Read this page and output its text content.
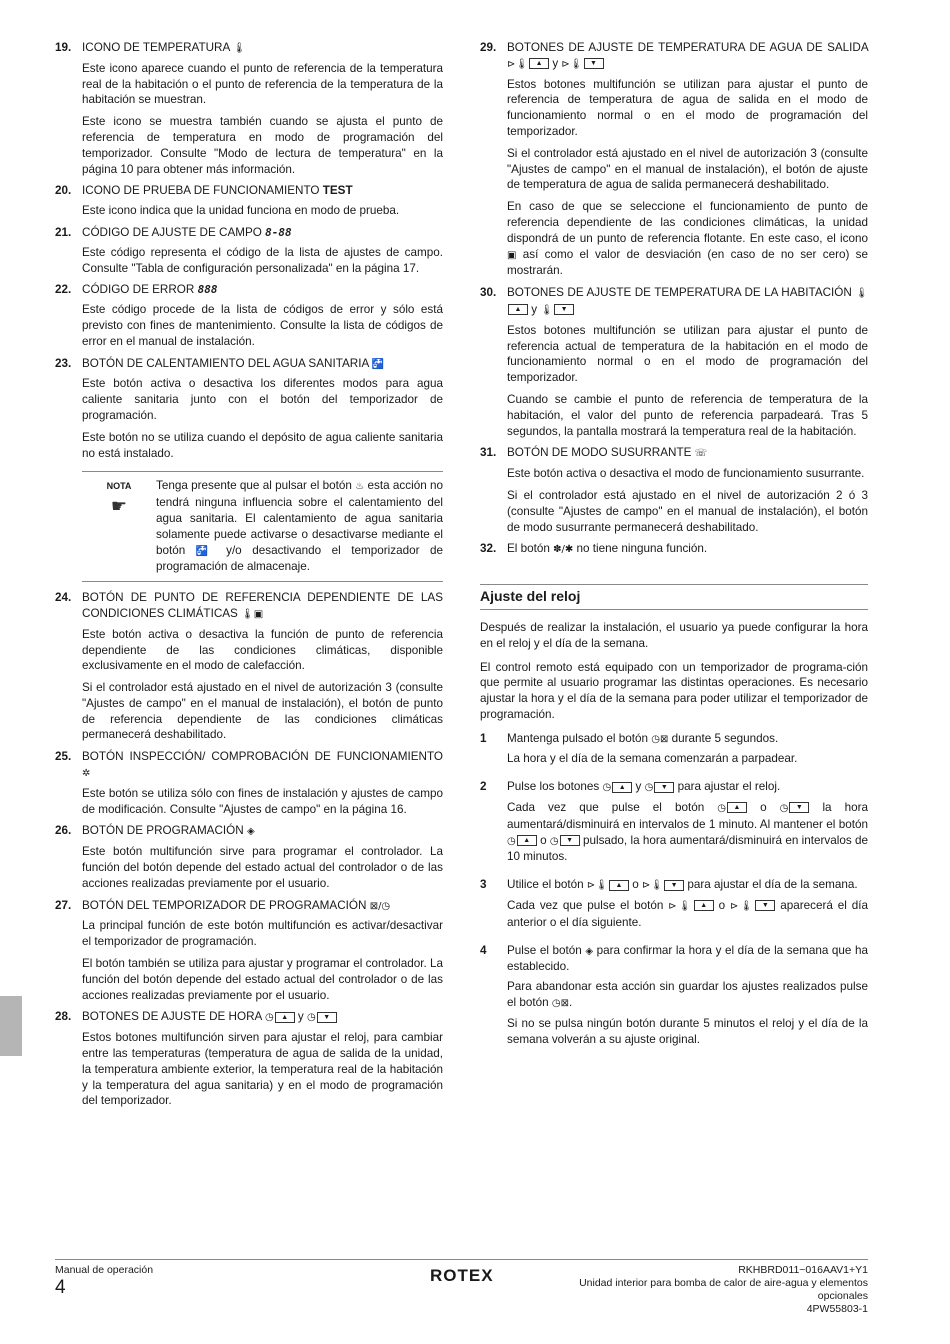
19. ICONO DE TEMPERATURA 🌡

Este icono aparece cuando el punto de referencia de la temperatura real de la habitación o el punto de referencia de la temperatura de la habitación se muestran.

Este icono se muestra también cuando se ajusta el punto de referencia de temperatura en modo de programación del temporizador. Consulte "Modo de lectura de temperatura" en la página 10 para obtener más información.

20. ICONO DE PRUEBA DE FUNCIONAMIENTO TEST

Este icono indica que la unidad funciona en modo de prueba.

21. CÓDIGO DE AJUSTE DE CAMPO 8-88

Este código representa el código de la lista de ajustes de campo. Consulte "Tabla de configuración personalizada" en la página 17.

22. CÓDIGO DE ERROR 888

Este código procede de la lista de códigos de error y sólo está previsto con fines de mantenimiento. Consulte la lista de códigos de error en el manual de instalación.

23. BOTÓN DE CALENTAMIENTO DEL AGUA SANITARIA 🚰

Este botón activa o desactiva los diferentes modos para agua caliente sanitaria junto con el botón del temporizador de programación.

Este botón no se utiliza cuando el depósito de agua caliente sanitaria no está instalado.

NOTA
☛
Tenga presente que al pulsar el botón ♨ esta acción no tendrá ninguna influencia sobre el calentamiento del agua sanitaria. El calentamiento de agua sanitaria solamente puede activarse o desactivarse mediante el botón 🚰 y/o desactivando el temporizador de programación de almacenaje.
24. BOTÓN DE PUNTO DE REFERENCIA DEPENDIENTE DE LAS CONDICIONES CLIMÁTICAS 🌡▣

Este botón activa o desactiva la función de punto de referencia dependiente de las condiciones climáticas, disponible exclusivamente en el modo de calefacción.

Si el controlador está ajustado en el nivel de autorización 3 (consulte "Ajustes de campo" en el manual de instalación), el botón de punto de referencia dependiente de las condiciones climáticas permanecerá deshabilitado.

25. BOTÓN INSPECCIÓN/ COMPROBACIÓN DE FUNCIONAMIENTO ✲

Este botón se utiliza sólo con fines de instalación y ajustes de campo de modificación. Consulte "Ajustes de campo" en la página 16.

26. BOTÓN DE PROGRAMACIÓN ◈

Este botón multifunción sirve para programar el controlador. La función del botón depende del estado actual del controlador o de las acciones realizadas previamente por el usuario.

27. BOTÓN DEL TEMPORIZADOR DE PROGRAMACIÓN ⊠/◷

La principal función de este botón multifunción es activar/desactivar el temporizador de programación.

El botón también se utiliza para ajustar y programar el controlador. La función del botón depende del estado actual del controlador o de las acciones realizadas previamente por el usuario.

28. BOTONES DE AJUSTE DE HORA ◷ ▲ y ◷ ▼

Estos botones multifunción sirven para ajustar el reloj, para cambiar entre las temperaturas (temperatura de agua de salida de la unidad, la temperatura ambiente exterior, la temperatura real de la habitación y la temperatura del agua sanitaria) y en el modo de programación del temporizador.

29. BOTONES DE AJUSTE DE TEMPERATURA DE AGUA DE SALIDA ⊳🌡 ▲ y ⊳🌡 ▼

Estos botones multifunción se utilizan para ajustar el punto de referencia de temperatura de agua de salida en el modo de funcionamiento normal o en el modo de programación del temporizador.

Si el controlador está ajustado en el nivel de autorización 3 (consulte "Ajustes de campo" en el manual de instalación), el botón de ajuste de temperatura de agua de salida permanecerá deshabilitado.

En caso de que se seleccione el funcionamiento de punto de referencia dependiente de las condiciones climáticas, la unidad dispondrá de un punto de referencia flotante. En este caso, el icono ▣ así como el valor de desviación (en caso de no ser cero) se mostrarán.

30. BOTONES DE AJUSTE DE TEMPERATURA DE LA HABITACIÓN 🌡▲ y 🌡 ▼

Estos botones multifunción se utilizan para ajustar el punto de referencia actual de temperatura de la habitación en el modo de funcionamiento normal o en el modo de programación del temporizador.

Cuando se cambie el punto de referencia de temperatura de la habitación, el valor del punto de referencia parpadeará. Tras 5 segundos, la pantalla mostrará la temperatura real de la habitación.

31. BOTÓN DE MODO SUSURRANTE ☏

Este botón activa o desactiva el modo de funcionamiento susurrante.

Si el controlador está ajustado en el nivel de autorización 2 ó 3 (consulte "Ajustes de campo" en el manual de instalación), el botón de modo susurrante permanecerá deshabilitado.

32. El botón ✽/✱ no tiene ninguna función.
Ajuste del reloj

Después de realizar la instalación, el usuario ya puede configurar la hora en el reloj y el día de la semana.

El control remoto está equipado con un temporizador de programa-ción que permite al usuario programar las distintas operaciones. Es necesario ajustar la hora y el día de la semana para poder utilizar el temporizador de programación.

1	Mantenga pulsado el botón ◷⊠ durante 5 segundos.

La hora y el día de la semana comenzarán a parpadear.

2	Pulse los botones ◷ ▲ y ◷ ▼ para ajustar el reloj.

Cada vez que pulse el botón ◷ ▲ o ◷ ▼ la hora aumentará/disminuirá en intervalos de 1 minuto. Al mantener el botón ◷ ▲ o ◷ ▼ pulsado, la hora aumentará/disminuirá en intervalos de 10 minutos.

3	Utilice el botón ⊳🌡 ▲ o ⊳🌡 ▼ para ajustar el día de la semana.

Cada vez que pulse el botón ⊳🌡 ▲ o ⊳🌡 ▼ aparecerá el día anterior o el día siguiente.

4	Pulse el botón ◈ para confirmar la hora y el día de la semana que ha establecido.

Para abandonar esta acción sin guardar los ajustes realizados pulse el botón ◷⊠.

Si no se pulsa ningún botón durante 5 minutos el reloj y el día de la semana volverán a su ajuste original.

Manual de operación
4
ROTEX	RKHBRD011~016AAV1+Y1
Unidad interior para bomba de calor de aire-agua y elementos opcionales
4PW55803-1
